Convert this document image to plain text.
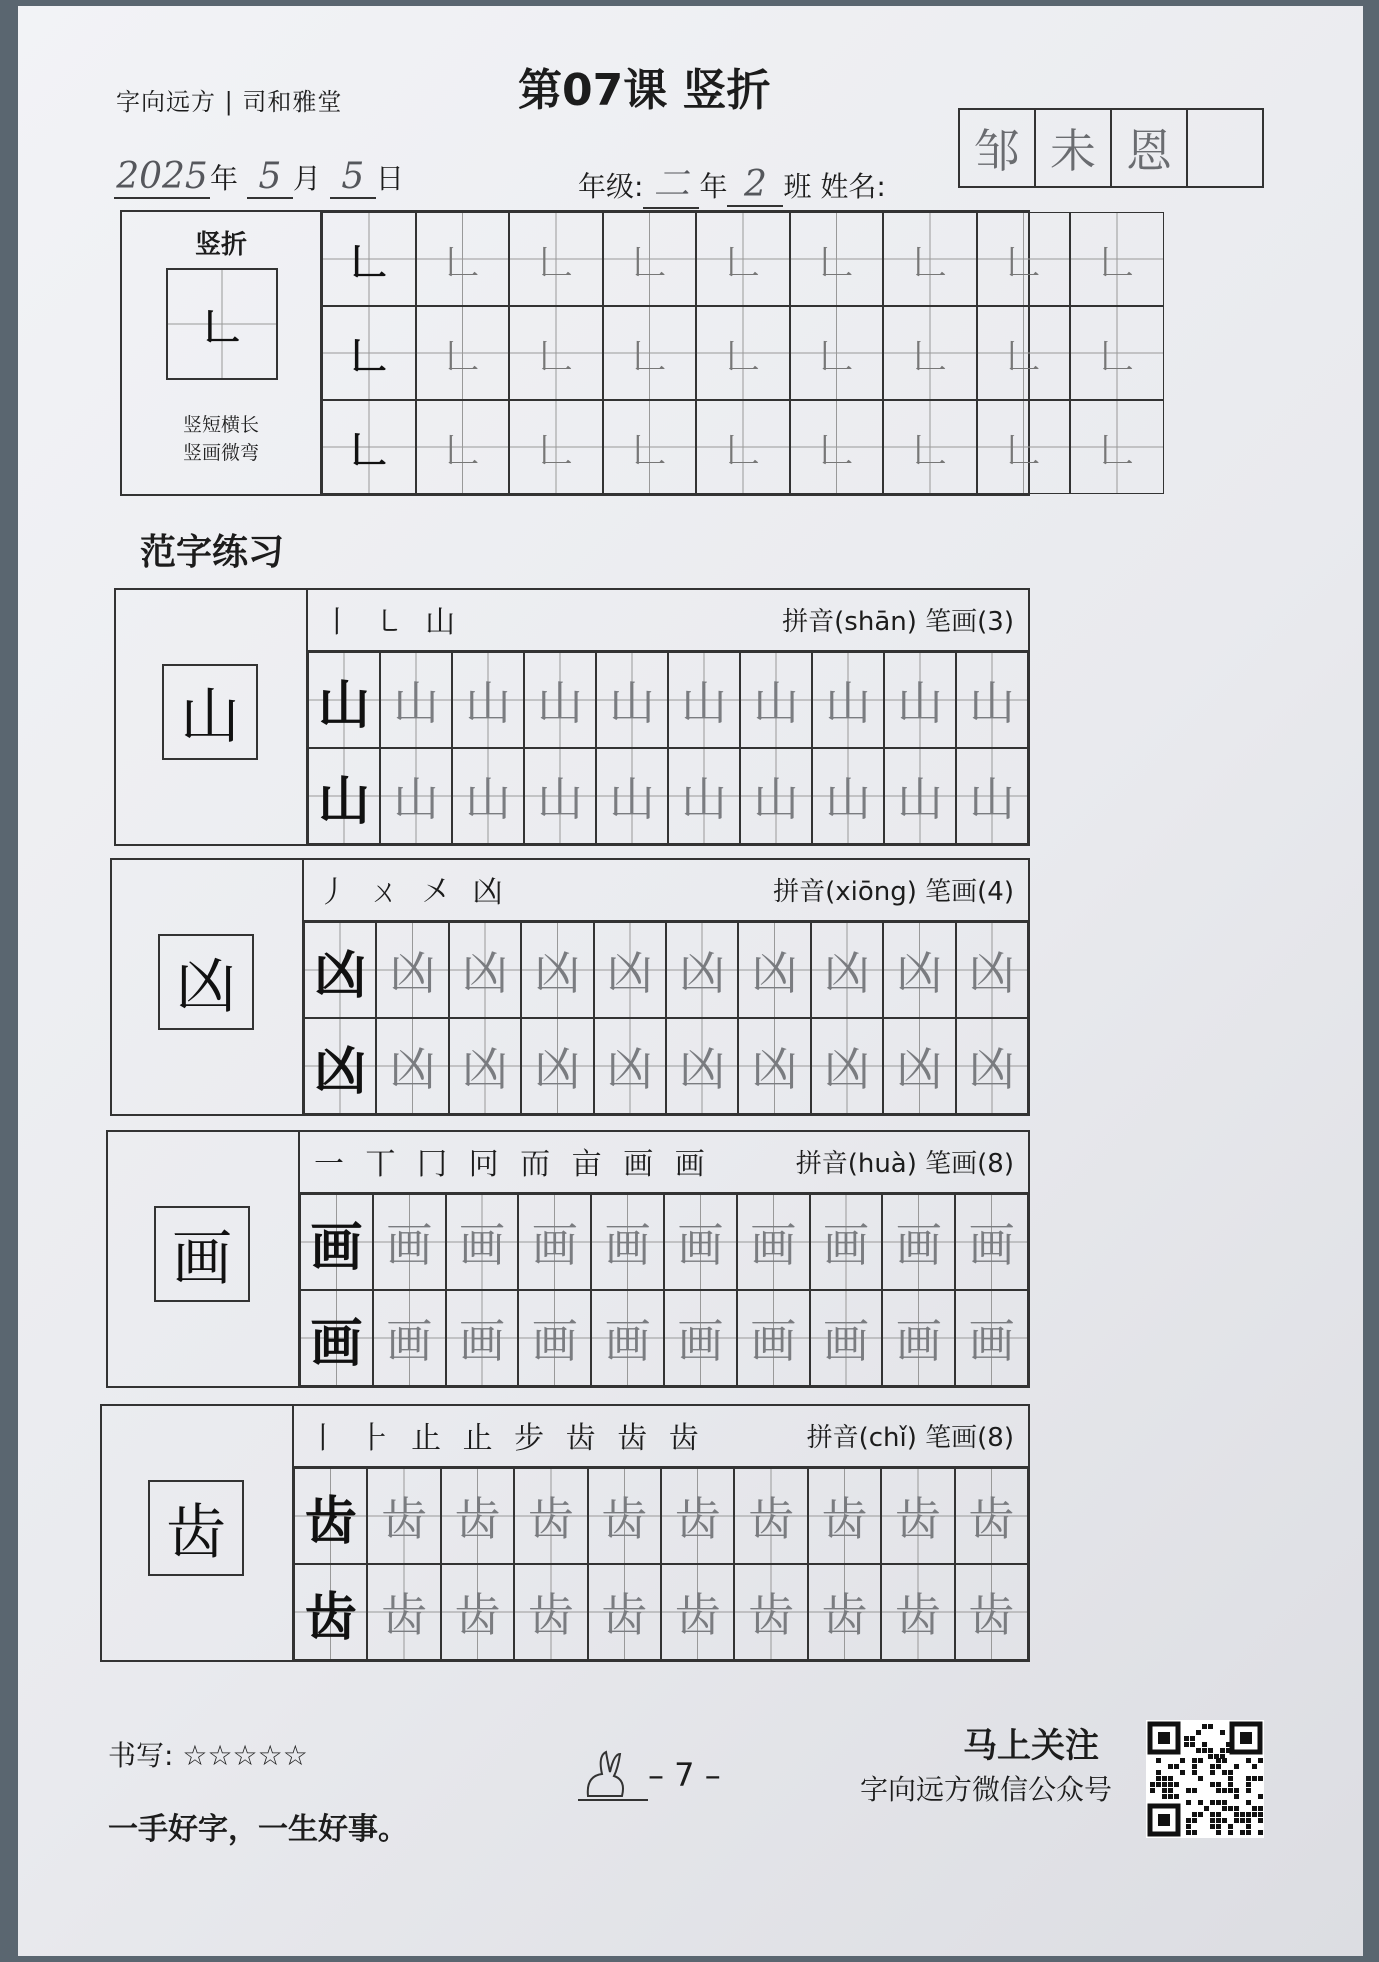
字向远方 | 司和雅堂	第07课 竖折
2025年 5 月 5 日	年级: 二 年 2 班 姓名:
邹 未 恩
竖折
𠃊
竖短横长
竖画微弯
𠃊 𠃊 𠃊 𠃊 𠃊 𠃊 𠃊 𠃊 𠃊
𠃊 𠃊 𠃊 𠃊 𠃊 𠃊 𠃊 𠃊 𠃊
𠃊 𠃊 𠃊 𠃊 𠃊 𠃊 𠃊 𠃊 𠃊
范字练习
山
丨 ㇄ 山	拼音(shān) 笔画(3)
山 山 山 山 山 山 山 山 山 山
山 山 山 山 山 山 山 山 山 山
凶
丿 ㄨ 㐅 凶	拼音(xiōng) 笔画(4)
凶 凶 凶 凶 凶 凶 凶 凶 凶 凶
凶 凶 凶 凶 凶 凶 凶 凶 凶 凶
画
一 丅 冂 冋 而 亩 画 画	拼音(huà) 笔画(8)
画 画 画 画 画 画 画 画 画 画
画 画 画 画 画 画 画 画 画 画
齿
丨 ⺊ 止 止 步 齿 齿 齿	拼音(chǐ) 笔画(8)
齿 齿 齿 齿 齿 齿 齿 齿 齿 齿
齿 齿 齿 齿 齿 齿 齿 齿 齿 齿
书写: ☆☆☆☆☆
一手好字，一生好事。
– 7 –
马上关注
字向远方微信公众号
